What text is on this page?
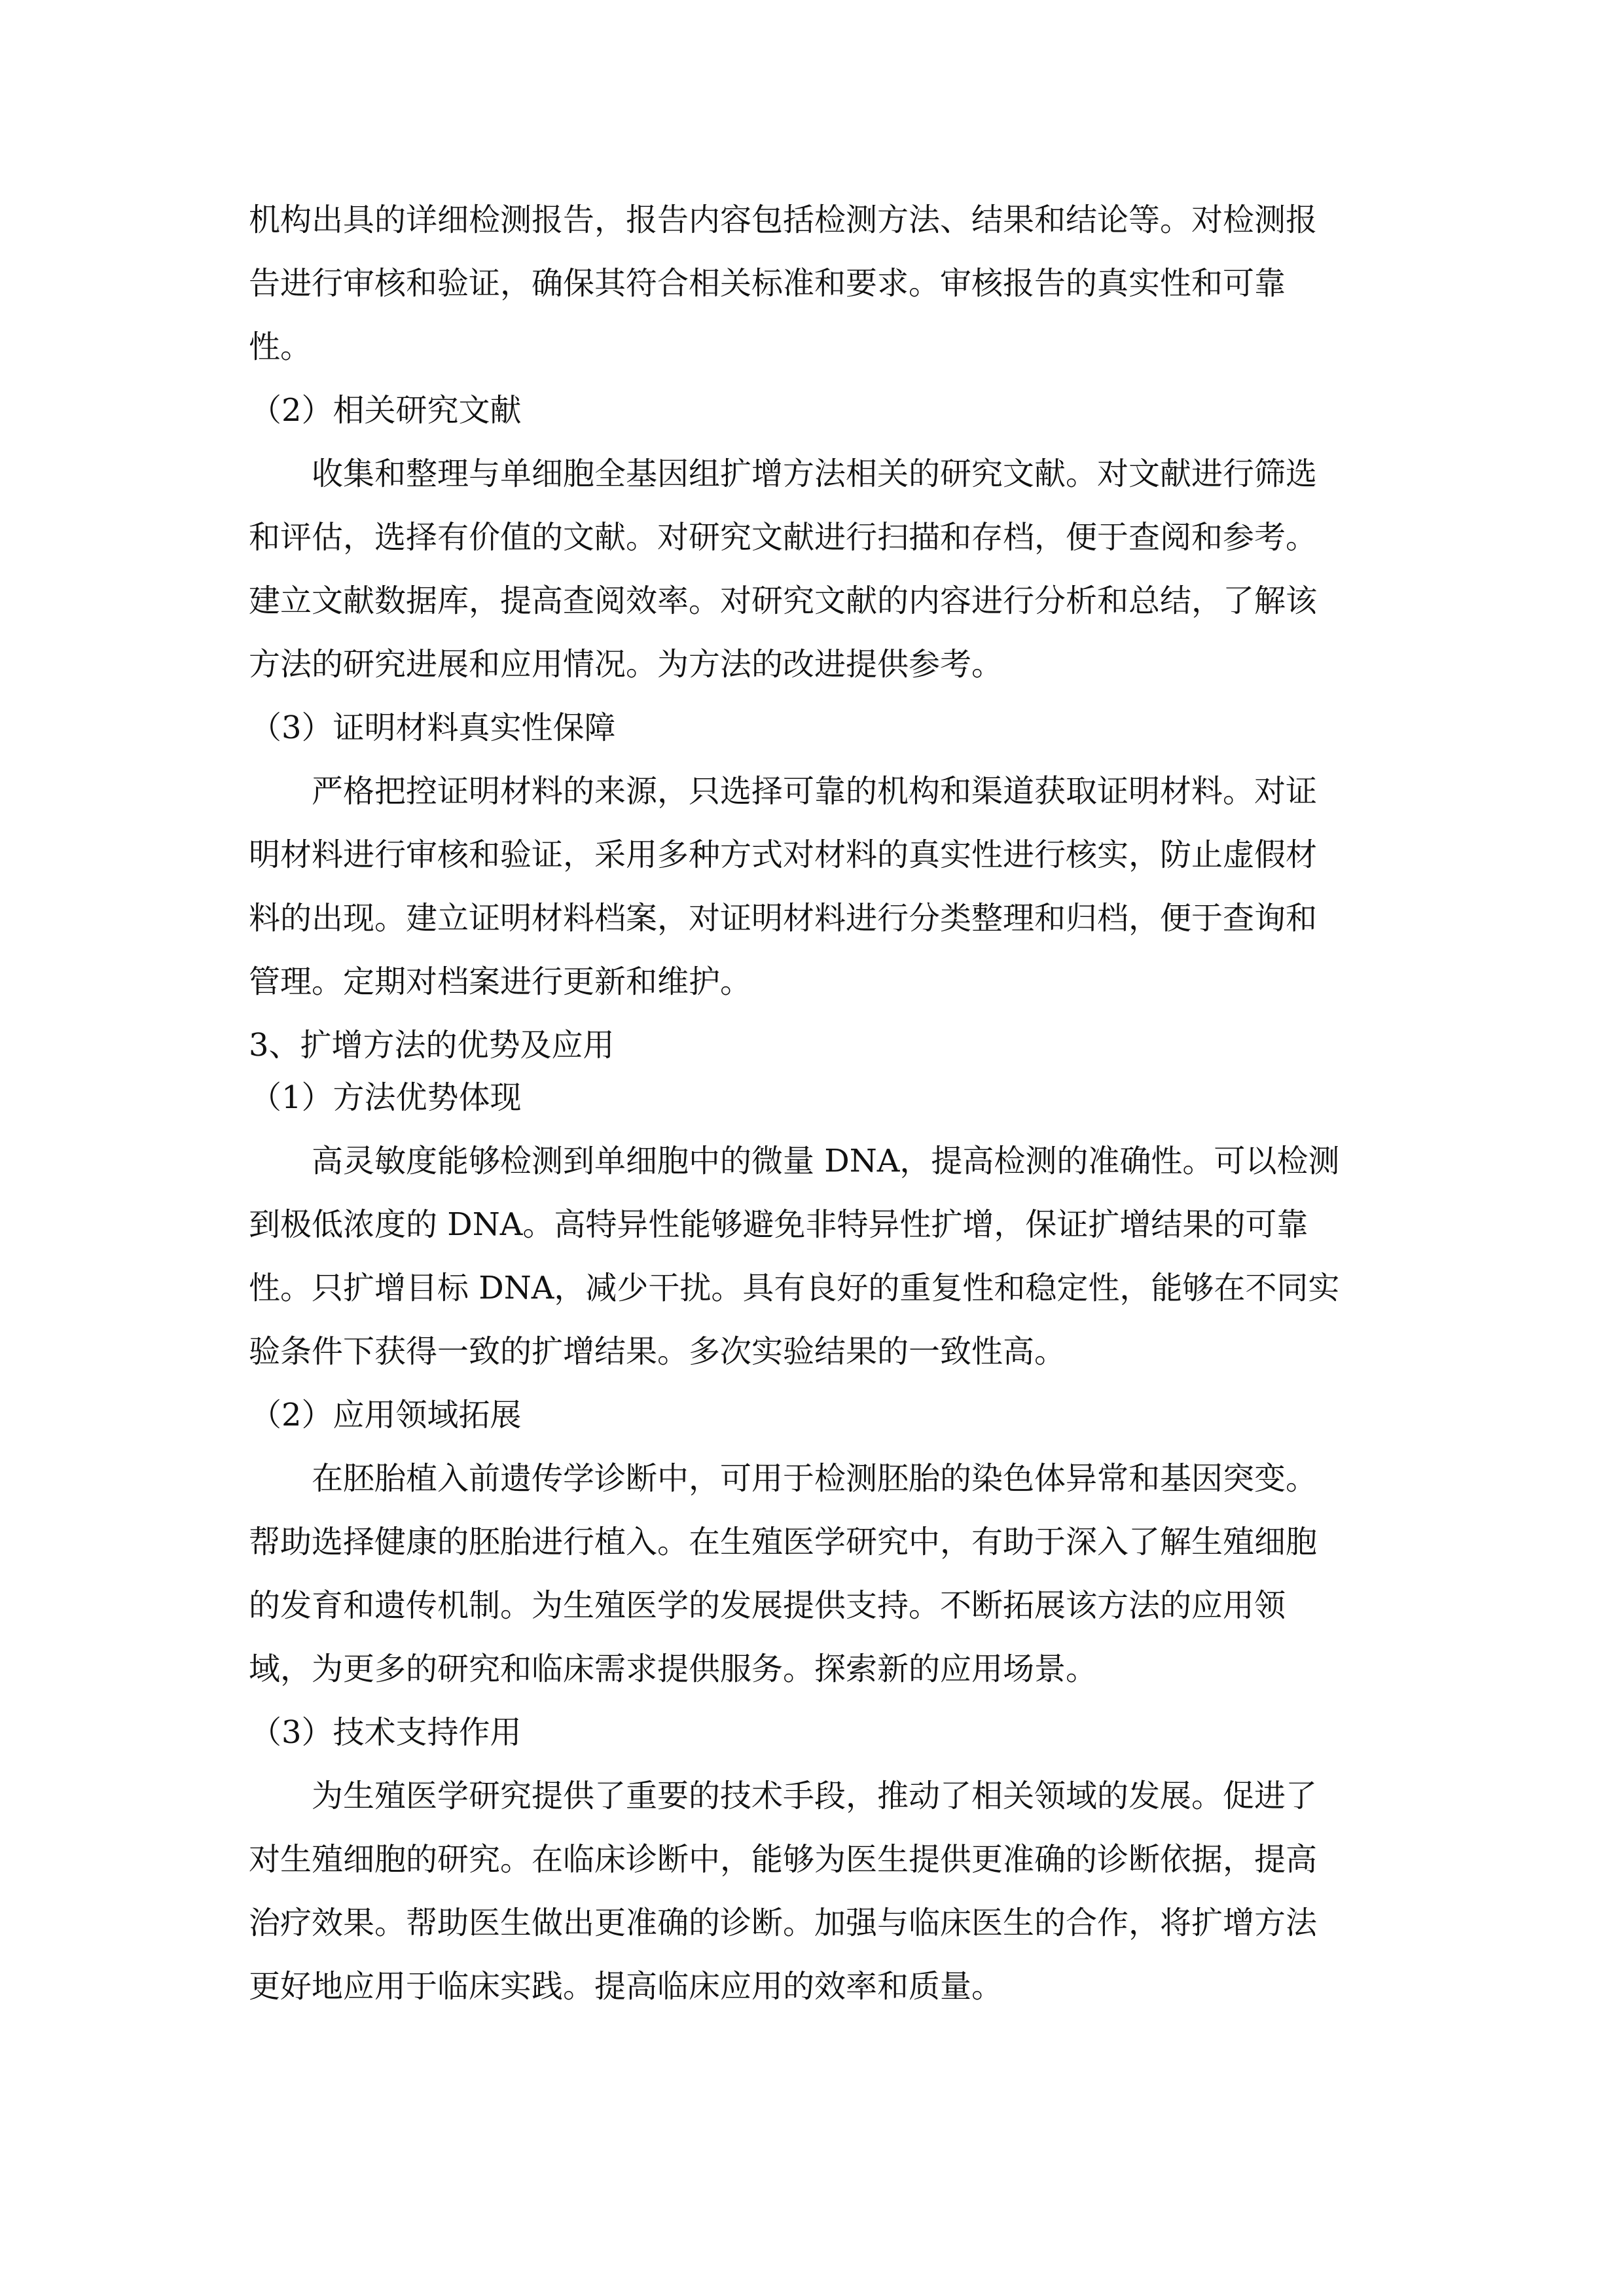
机构出具的详细检测报告，报告内容包括检测方法、结果和结论等。对检测报

告进行审核和验证，确保其符合相关标准和要求。审核报告的真实性和可靠

性。

（2）相关研究文献

收集和整理与单细胞全基因组扩增方法相关的研究文献。对文献进行筛选

和评估，选择有价值的文献。对研究文献进行扫描和存档，便于查阅和参考。

建立文献数据库，提高查阅效率。对研究文献的内容进行分析和总结，了解该

方法的研究进展和应用情况。为方法的改进提供参考。

（3）证明材料真实性保障

严格把控证明材料的来源，只选择可靠的机构和渠道获取证明材料。对证

明材料进行审核和验证，采用多种方式对材料的真实性进行核实，防止虚假材

料的出现。建立证明材料档案，对证明材料进行分类整理和归档，便于查询和

管理。定期对档案进行更新和维护。

3、扩增方法的优势及应用

（1）方法优势体现

高灵敏度能够检测到单细胞中的微量 DNA，提高检测的准确性。可以检测

到极低浓度的 DNA。高特异性能够避免非特异性扩增，保证扩增结果的可靠

性。只扩增目标 DNA，减少干扰。具有良好的重复性和稳定性，能够在不同实

验条件下获得一致的扩增结果。多次实验结果的一致性高。

（2）应用领域拓展

在胚胎植入前遗传学诊断中，可用于检测胚胎的染色体异常和基因突变。

帮助选择健康的胚胎进行植入。在生殖医学研究中，有助于深入了解生殖细胞

的发育和遗传机制。为生殖医学的发展提供支持。不断拓展该方法的应用领

域，为更多的研究和临床需求提供服务。探索新的应用场景。

（3）技术支持作用

为生殖医学研究提供了重要的技术手段，推动了相关领域的发展。促进了

对生殖细胞的研究。在临床诊断中，能够为医生提供更准确的诊断依据，提高

治疗效果。帮助医生做出更准确的诊断。加强与临床医生的合作，将扩增方法

更好地应用于临床实践。提高临床应用的效率和质量。
